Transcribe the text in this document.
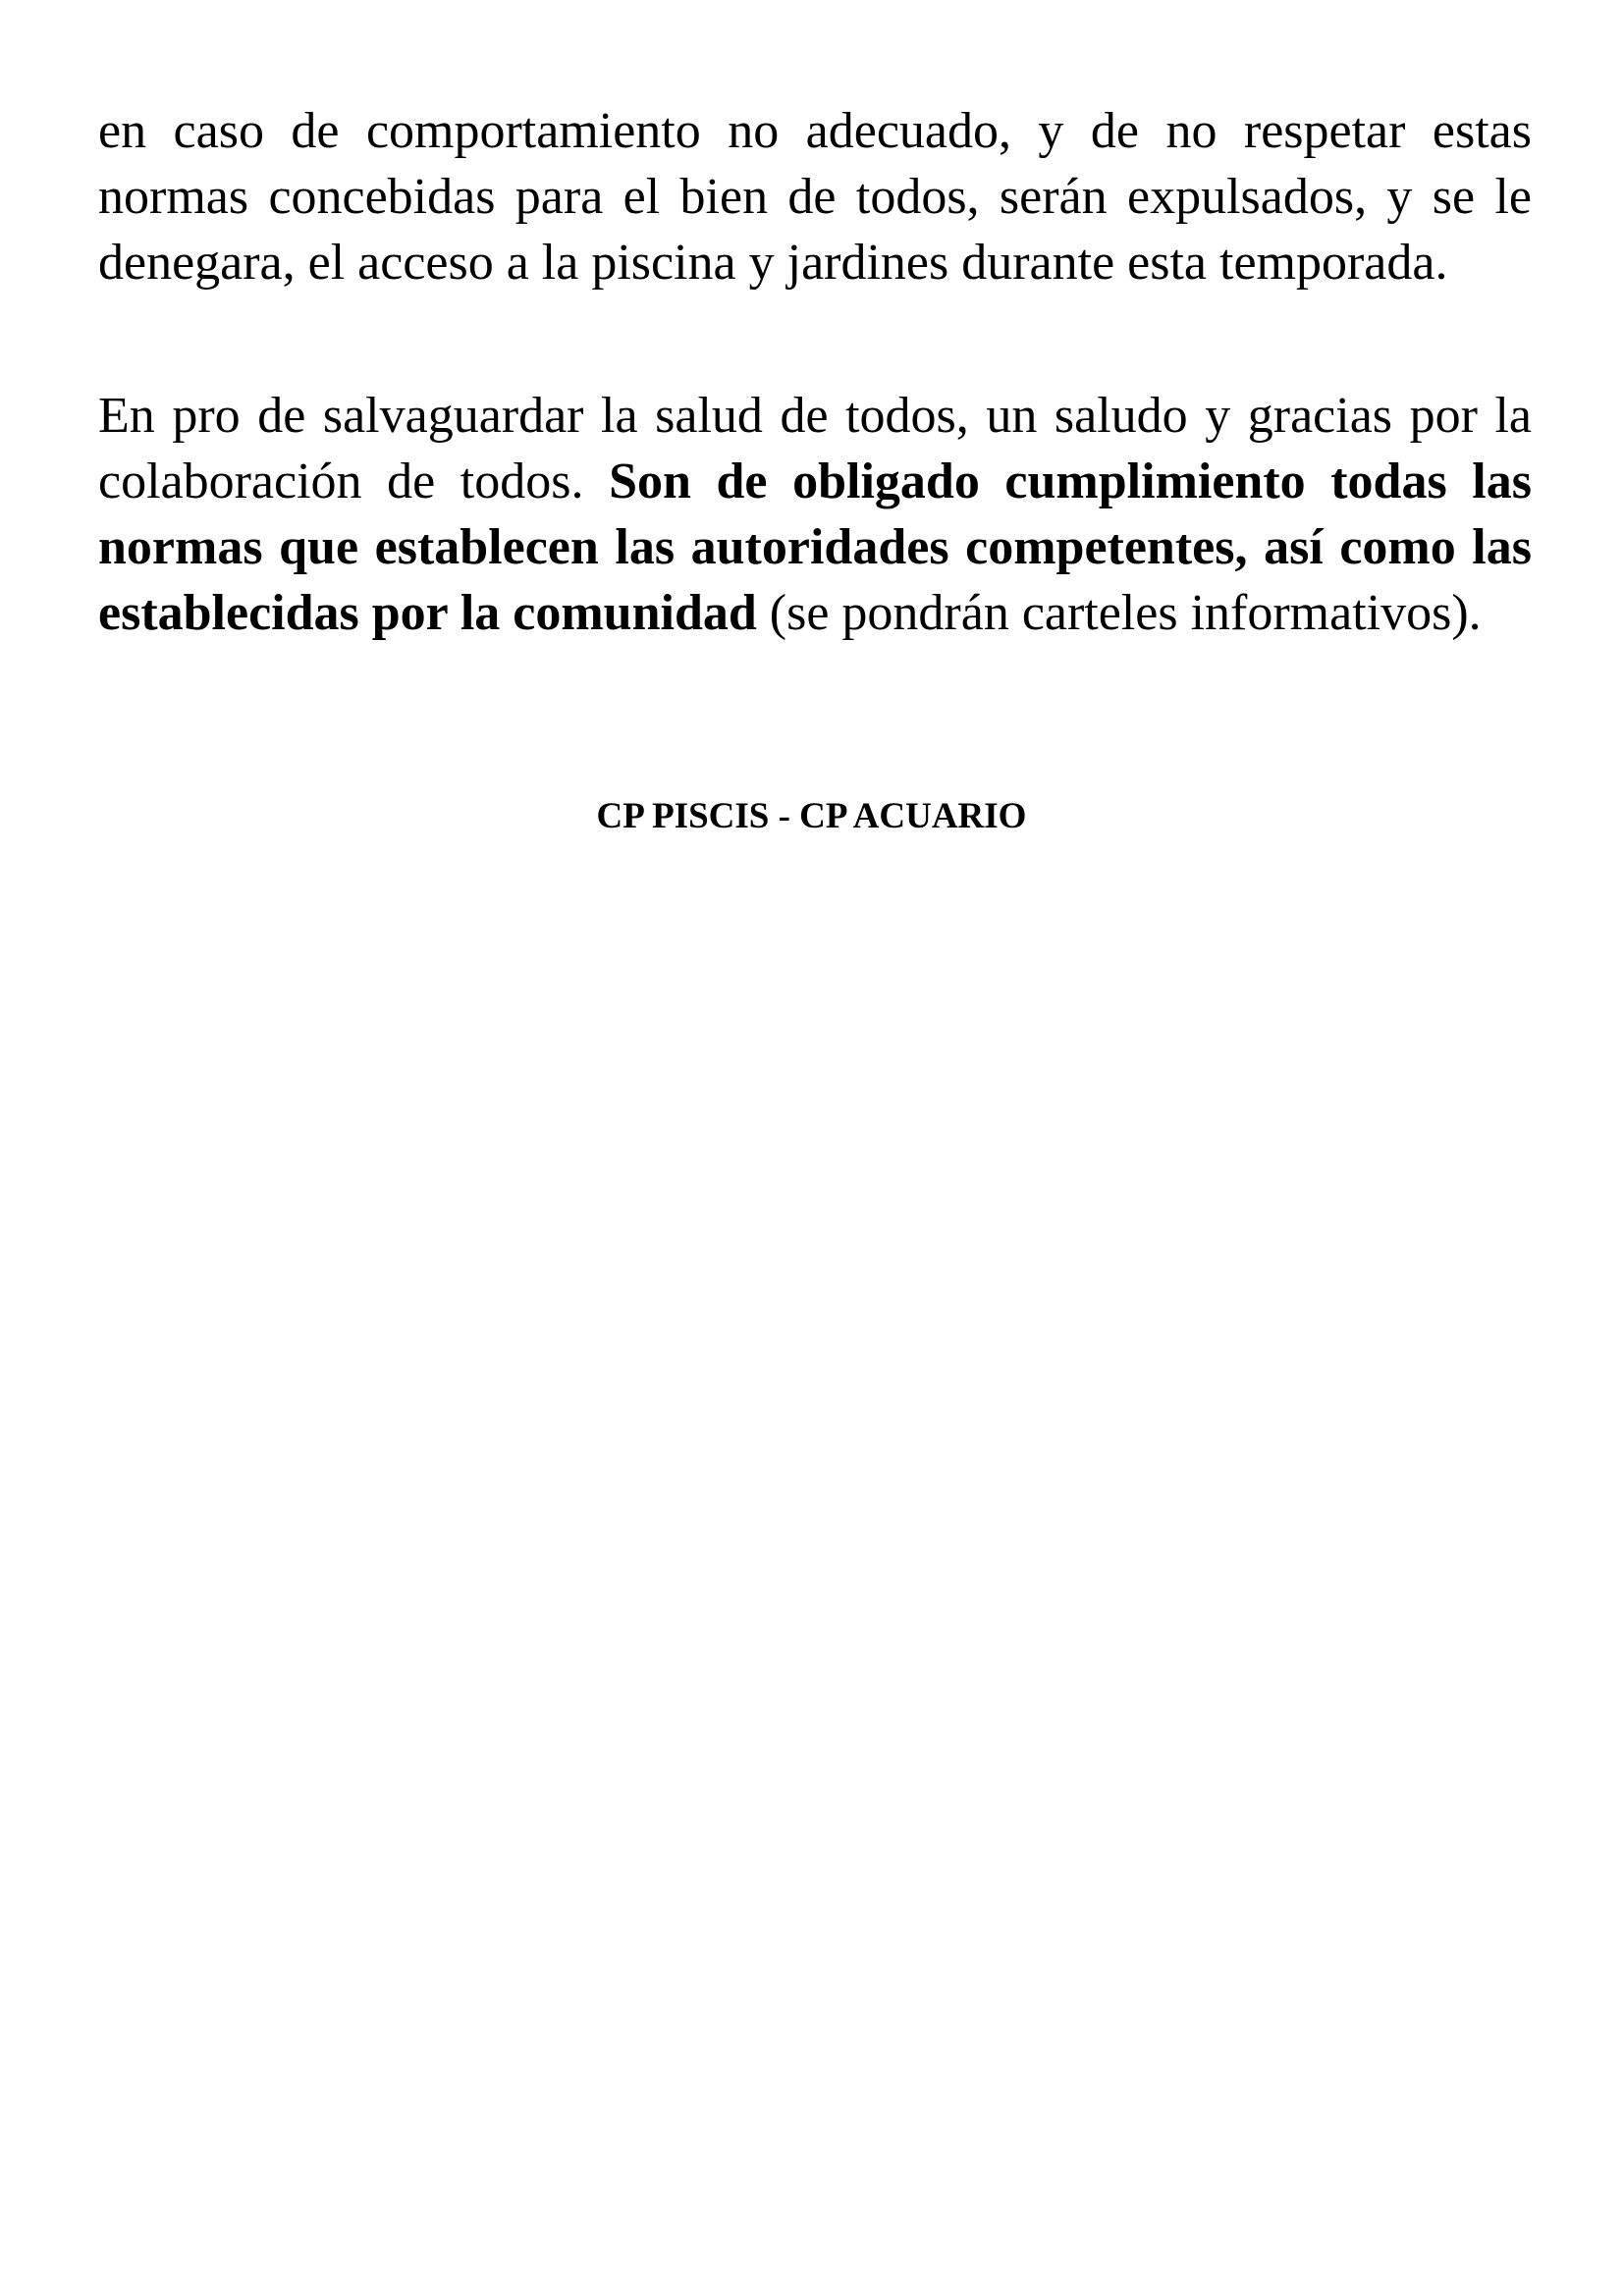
en caso de comportamiento no adecuado, y de no respetar estas normas concebidas para el bien de todos, serán expulsados, y se le denegara, el acceso a la piscina y jardines durante esta temporada.

En pro de salvaguardar la salud de todos, un saludo y gracias por la colaboración de todos. Son de obligado cumplimiento todas las normas que establecen las autoridades competentes, así como las establecidas por la comunidad (se pondrán carteles informativos).

CP PISCIS - CP ACUARIO
